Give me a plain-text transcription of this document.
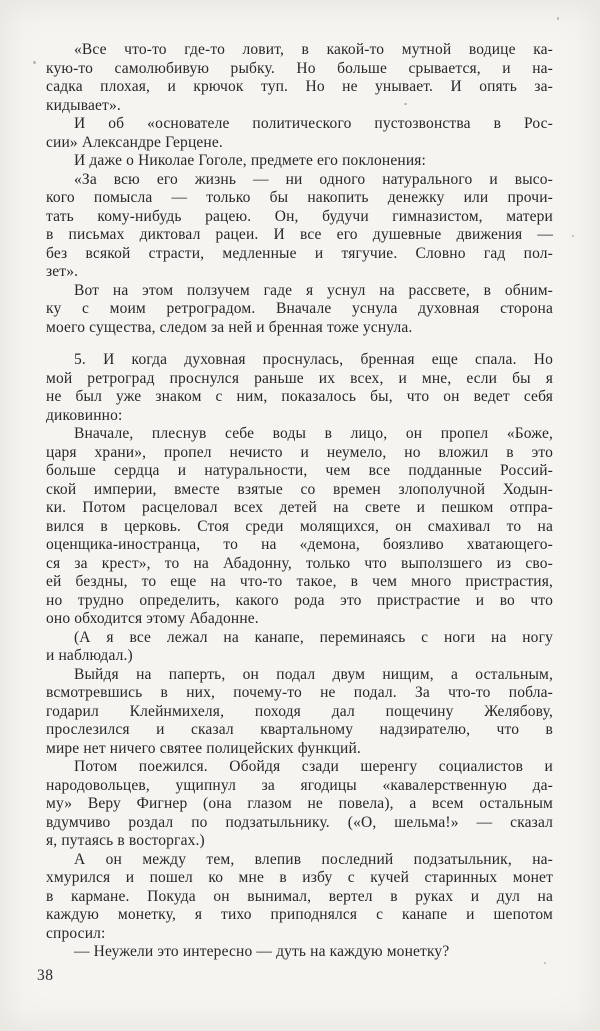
«Все что-то где-то ловит, в какой-то мутной водице ка-
кую-то самолюбивую рыбку. Но больше срывается, и на-
садка плохая, и крючок туп. Но не унывает. И опять за-
кидывает».

И об «основателе политического пустозвонства в Рос-
сии» Александре Герцене.

И даже о Николае Гоголе, предмете его поклонения:

«За всю его жизнь — ни одного натурального и высо-
кого помысла — только бы накопить денежку или прочи-
тать кому-нибудь рацею. Он, будучи гимназистом, матери
в письмах диктовал рацеи. И все его душевные движения —
без всякой страсти, медленные и тягучие. Словно гад пол-
зет».

Вот на этом ползучем гаде я уснул на рассвете, в обним-
ку с моим ретроградом. Вначале уснула духовная сторона
моего существа, следом за ней и бренная тоже уснула.

5. И когда духовная проснулась, бренная еще спала. Но
мой ретроград проснулся раньше их всех, и мне, если бы я
не был уже знаком с ним, показалось бы, что он ведет себя
диковинно:

Вначале, плеснув себе воды в лицо, он пропел «Боже,
царя храни», пропел нечисто и неумело, но вложил в это
больше сердца и натуральности, чем все подданные Россий-
ской империи, вместе взятые со времен злополучной Ходын-
ки. Потом расцеловал всех детей на свете и пешком отпра-
вился в церковь. Стоя среди молящихся, он смахивал то на
оценщика-иностранца, то на «демона, боязливо хватающего-
ся за крест», то на Абадонну, только что выползшего из сво-
ей бездны, то еще на что-то такое, в чем много пристрастия,
но трудно определить, какого рода это пристрастие и во что
оно обходится этому Абадонне.

(А я все лежал на канапе, переминаясь с ноги на ногу
и наблюдал.)

Выйдя на паперть, он подал двум нищим, а остальным,
всмотревшись в них, почему-то не подал. За что-то побла-
годарил Клейнмихеля, походя дал пощечину Желябову,
прослезился и сказал квартальному надзирателю, что в
мире нет ничего святее полицейских функций.

Потом поежился. Обойдя сзади шеренгу социалистов и
народовольцев, ущипнул за ягодицы «кавалерственную да-
му» Веру Фигнер (она глазом не повела), а всем остальным
вдумчиво роздал по подзатыльнику. («О, шельма!» — сказал
я, путаясь в восторгах.)

А он между тем, влепив последний подзатыльник, на-
хмурился и пошел ко мне в избу с кучей старинных монет
в кармане. Покуда он вынимал, вертел в руках и дул на
каждую монетку, я тихо приподнялся с канапе и шепотом
спросил:

— Неужели это интересно — дуть на каждую монетку?

38
